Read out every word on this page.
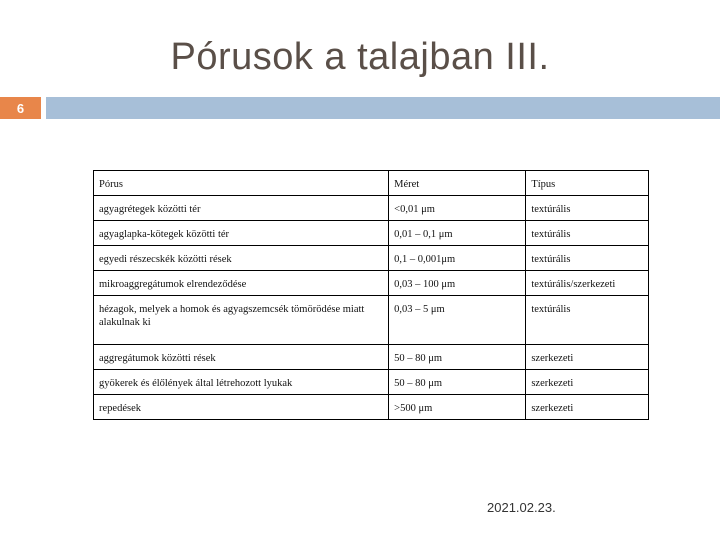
Pórusok a talajban III.
6
Pórus	Méret	Típus
agyagrétegek közötti tér	<0,01 μm	textúrális
agyaglapka-kötegek közötti tér	0,01 – 0,1 μm	textúrális
egyedi részecskék közötti rések	0,1 – 0,001μm	textúrális
mikroaggregátumok elrendeződése	0,03 – 100 μm	textúrális/szerkezeti
hézagok, melyek a homok és agyagszemcsék tömörödése miatt alakulnak ki	0,03 – 5 μm	textúrális
aggregátumok közötti rések	50 – 80 μm	szerkezeti
gyökerek és élőlények által létrehozott lyukak	50 – 80 μm	szerkezeti
repedések	>500 μm	szerkezeti
2021.02.23.
